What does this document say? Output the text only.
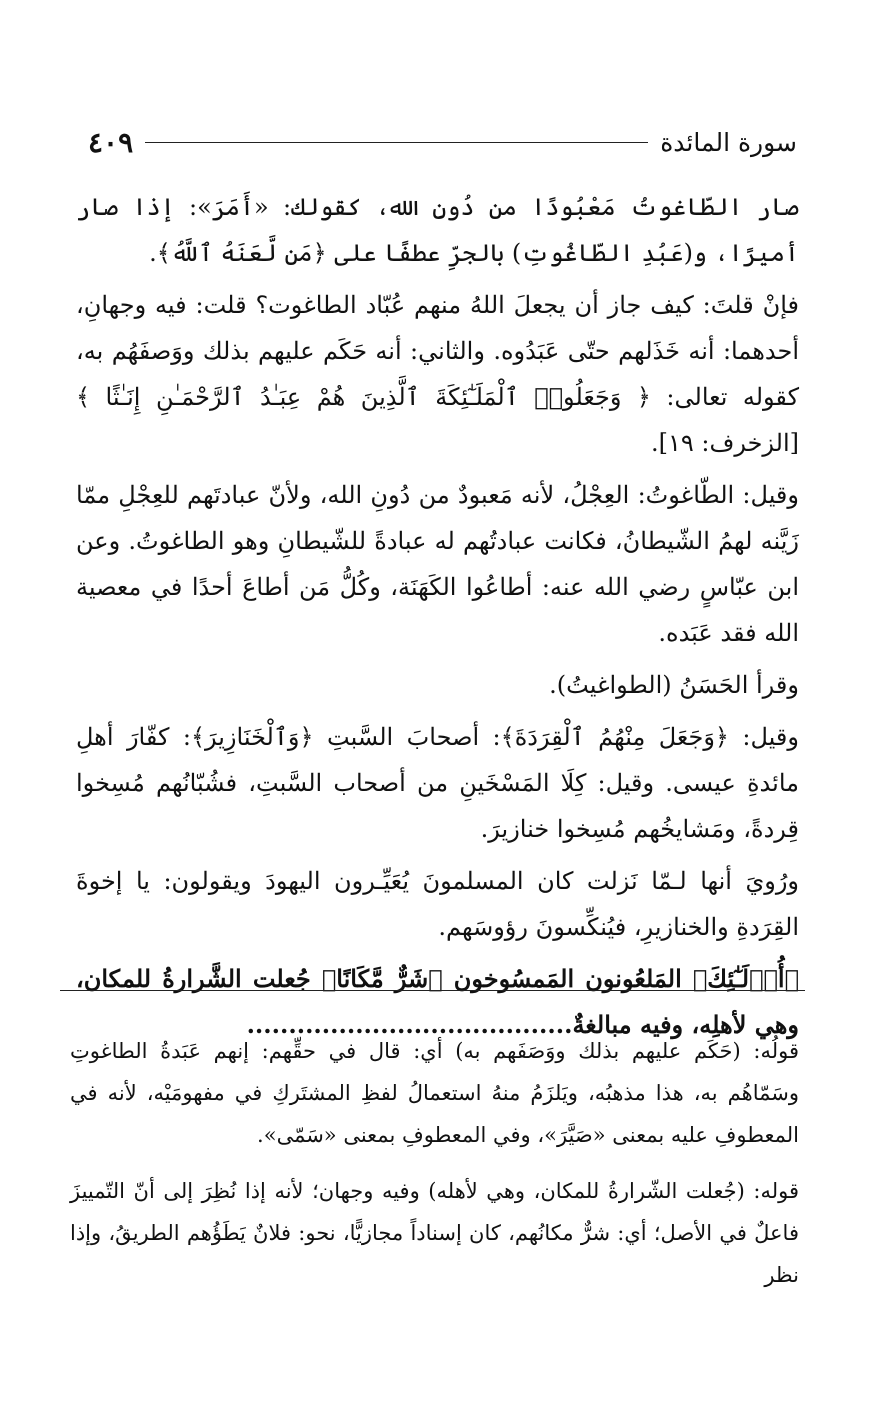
سورة المائدة
٤٠٩

صار الطّاغوتُ مَعْبُودًا من دُونِ الله، كقولك: «أَمَرَ»: إذا صار أميرًا، و(عَبُدِ الطّاغُوتِ) بالجرِّ عطفًا على ﴿مَن لَّعَنَهُ ٱللَّهُ﴾.

فإنْ قلتَ: كيف جاز أن يجعلَ اللهُ منهم عُبّاد الطاغوت؟ قلت: فيه وجهانِ، أحدهما: أنه خَذَلهم حتّى عَبَدُوه. والثاني: أنه حَكَم عليهم بذلك ووَصفَهُم به، كقوله تعالى: ﴿ وَجَعَلُوا۟ ٱلْمَلَـٰٓئِكَةَ ٱلَّذِينَ هُمْ عِبَـٰدُ ٱلرَّحْمَـٰنِ إِنَـٰثًا ﴾ [الزخرف: ١٩].

وقيل: الطّاغوتُ: العِجْلُ، لأنه مَعبودٌ من دُونِ الله، ولأنّ عبادتَهم للعِجْلِ ممّا زَيَّنه لهمُ الشّيطانُ، فكانت عبادتُهم له عبادةً للشّيطانِ وهو الطاغوتُ. وعن ابن عبّاسٍ رضي الله عنه: أطاعُوا الكَهَنَة، وكُلُّ مَن أطاعَ أحدًا في معصية الله فقد عَبَده.

وقرأ الحَسَنُ (الطواغيتُ).

وقيل: ﴿وَجَعَلَ مِنْهُمُ ٱلْقِرَدَةَ﴾: أصحابَ السَّبتِ ﴿وَٱلْخَنَازِيرَ﴾: كفّارَ أهلِ مائدةِ عيسى. وقيل: كِلَا المَسْخَينِ من أصحاب السَّبتِ، فشُبّانُهم مُسِخوا قِردةً، ومَشايخُهم مُسِخوا خنازيرَ.

ورُويَ أنها لـمّا نَزلت كان المسلمونَ يُعَيِّـرون اليهودَ ويقولون: يا إخوةَ القِرَدةِ والخنازيرِ، فيُنكِّسونَ رؤوسَهم.

﴿أُو۟لَـٰٓئِكَ﴾ المَلعُونون المَمسُوخون ﴿شَرٌّ مَّكَانًا﴾ جُعلت الشَّرارةُ للمكان، وهي لأهلِه، وفيه مبالغةٌ.......................................

قولُه: (حَكَم عليهم بذلك ووَصَفَهم به) أي: قال في حقِّهم: إنهم عَبَدةُ الطاغوتِ وسَمّاهُم به، هذا مذهبُه، ويَلزَمُ منهُ استعمالُ لفظِ المشتَركِ في مفهومَيْه، لأنه في المعطوفِ عليه بمعنى «صَيَّرَ»، وفي المعطوفِ بمعنى «سَمّى».

قوله: (جُعلت الشّرارةُ للمكان، وهي لأهله) وفيه وجهان؛ لأنه إذا نُظِرَ إلى أنّ التّمييزَ فاعلٌ في الأصل؛ أي: شرٌّ مكانُهم، كان إسناداً مجازيًّا، نحو: فلانٌ يَطَؤُهم الطريقُ، وإذا نظر
